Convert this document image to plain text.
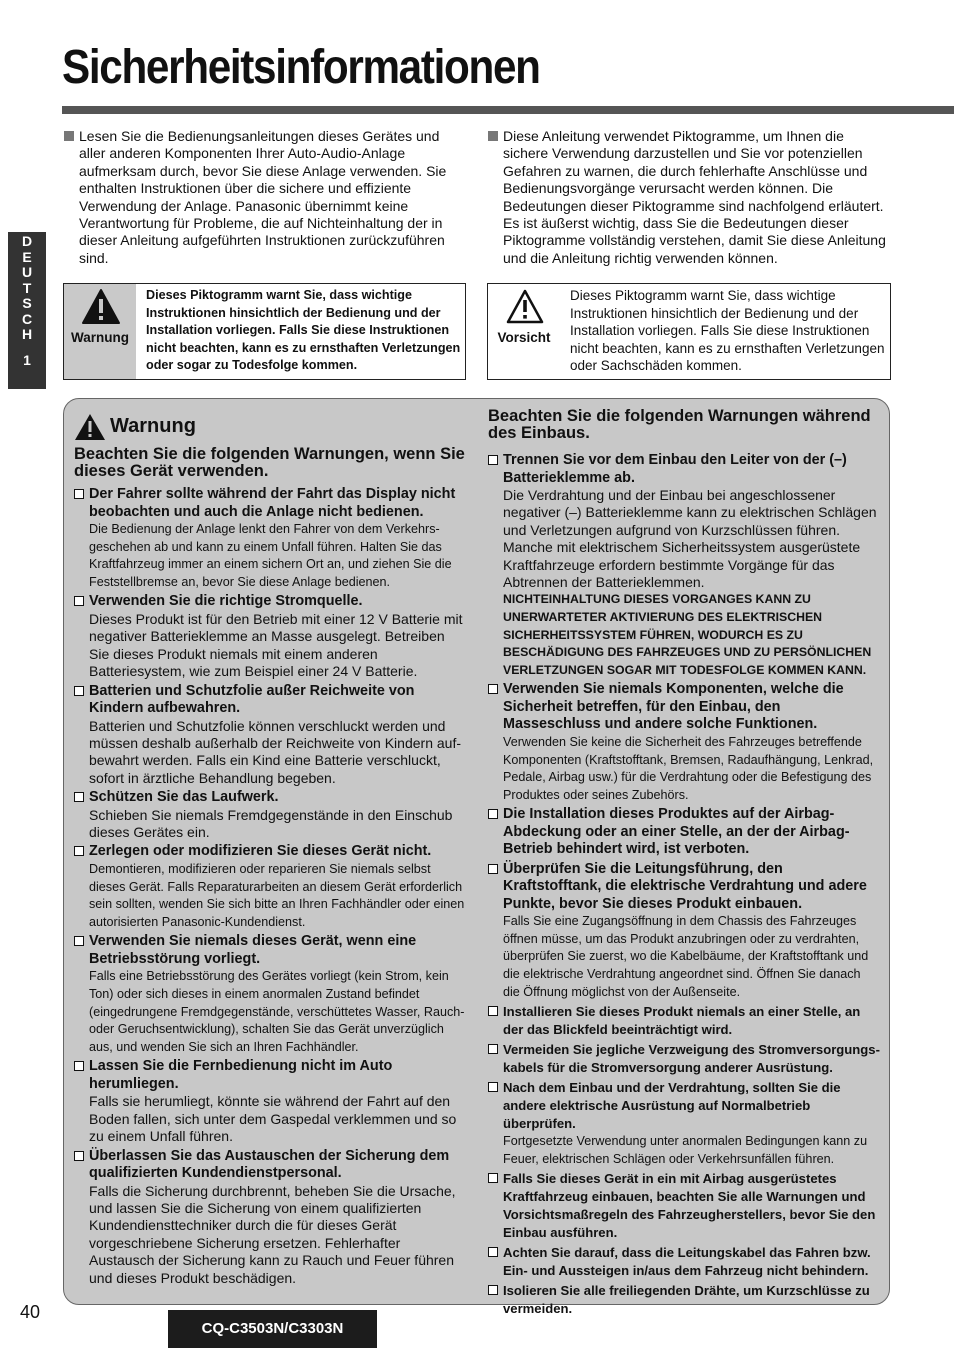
Sicherheitsinformationen
D
E
U
T
S
C
H
1
Lesen Sie die Bedienungsanleitungen dieses Gerätes und aller anderen Komponenten Ihrer Auto-Audio-Anlage aufmerksam durch, bevor Sie diese Anlage verwenden. Sie enthalten Instruktionen über die sichere und effiziente Verwendung der Anlage. Panasonic übernimmt keine Verantwortung für Probleme, die auf Nichteinhaltung der in dieser Anleitung aufgeführten Instruktionen zurückzuführen sind.
Diese Anleitung verwendet Piktogramme, um Ihnen die sichere Verwendung darzustellen und Sie vor potenziellen Gefahren zu warnen, die durch fehlerhafte Anschlüsse und Bedienungsvorgänge verursacht werden können. Die Bedeutungen dieser Piktogramme sind nachfolgend erläutert. Es ist äußerst wichtig, dass Sie die Bedeutungen dieser Piktogramme vollständig verstehen, damit Sie diese Anleitung und die Anleitung richtig verwenden können.
Warnung
Dieses Piktogramm warnt Sie, dass wichtige Instruktionen hinsichtlich der Bedienung und der Installation vorliegen. Falls Sie diese Instruktionen nicht beachten, kann es zu ernsthaften Verletzungen oder sogar zu Todesfolge kommen.
Vorsicht
Dieses Piktogramm warnt Sie, dass wichtige Instruktionen hinsichtlich der Bedienung und der Installation vorliegen. Falls Sie diese Instruktionen nicht beachten, kann es zu ernsthaften Verletzungen oder Sachschäden kommen.
Warnung
Beachten Sie die folgenden Warnungen, wenn Sie dieses Gerät verwenden.
Der Fahrer sollte während der Fahrt das Display nicht beobachten und auch die Anlage nicht bedienen.
Die Bedienung der Anlage lenkt den Fahrer von dem Verkehrs-geschehen ab und kann zu einem Unfall führen. Halten Sie das Kraftfahrzeug immer an einem sichern Ort an, und ziehen Sie die Feststellbremse an, bevor Sie diese Anlage bedienen.
Verwenden Sie die richtige Stromquelle.
Dieses Produkt ist für den Betrieb mit einer 12 V Batterie mit negativer Batterieklemme an Masse ausgelegt. Betreiben Sie dieses Produkt niemals mit einem anderen Batteriesystem, wie zum Beispiel einer 24 V Batterie.
Batterien und Schutzfolie außer Reichweite von Kindern aufbewahren.
Batterien und Schutzfolie können verschluckt werden und müssen deshalb außerhalb der Reichweite von Kindern auf-bewahrt werden. Falls ein Kind eine Batterie verschluckt, sofort in ärztliche Behandlung begeben.
Schützen Sie das Laufwerk.
Schieben Sie niemals Fremdgegenstände in den Einschub dieses Gerätes ein.
Zerlegen oder modifizieren Sie dieses Gerät nicht.
Demontieren, modifizieren oder reparieren Sie niemals selbst dieses Gerät. Falls Reparaturarbeiten an diesem Gerät erforderlich sein sollten, wenden Sie sich bitte an Ihren Fachhändler oder einen autorisierten Panasonic-Kundendienst.
Verwenden Sie niemals dieses Gerät, wenn eine Betriebsstörung vorliegt.
Falls eine Betriebsstörung des Gerätes vorliegt (kein Strom, kein Ton) oder sich dieses in einem anormalen Zustand befindet (eingedrungene Fremdgegenstände, verschüttetes Wasser, Rauch-oder Geruchsentwicklung), schalten Sie das Gerät unverzüglich aus, und wenden Sie sich an Ihren Fachhändler.
Lassen Sie die Fernbedienung nicht im Auto herumliegen.
Falls sie herumliegt, könnte sie während der Fahrt auf den Boden fallen, sich unter dem Gaspedal verklemmen und so zu einem Unfall führen.
Überlassen Sie das Austauschen der Sicherung dem qualifizierten Kundendienstpersonal.
Falls die Sicherung durchbrennt, beheben Sie die Ursache, und lassen Sie die Sicherung von einem qualifizierten Kundendiensttechniker durch die für dieses Gerät vorgeschriebene Sicherung ersetzen. Fehlerhafter Austausch der Sicherung kann zu Rauch und Feuer führen und dieses Produkt beschädigen.
Beachten Sie die folgenden Warnungen während des Einbaus.
Trennen Sie vor dem Einbau den Leiter von der (–) Batterieklemme ab.
Die Verdrahtung und der Einbau bei angeschlossener negativer (–) Batterieklemme kann zu elektrischen Schlägen und Verletzungen aufgrund von Kurzschlüssen führen. Manche mit elektrischem Sicherheitssystem ausgerüstete Kraftfahrzeuge erfordern bestimmte Vorgänge für das Abtrennen der Batterieklemmen.
NICHTEINHALTUNG DIESES VORGANGES KANN ZU UNERWARTETER AKTIVIERUNG DES ELEKTRISCHEN SICHERHEITSSYSTEM FÜHREN, WODURCH ES ZU BESCHÄDIGUNG DES FAHRZEUGES UND ZU PERSÖNLICHEN VERLETZUNGEN SOGAR MIT TODESFOLGE KOMMEN KANN.
Verwenden Sie niemals Komponenten, welche die Sicherheit betreffen, für den Einbau, den Masseschluss und andere solche Funktionen.
Verwenden Sie keine die Sicherheit des Fahrzeuges betreffende Komponenten (Kraftstofftank, Bremsen, Radaufhängung, Lenkrad, Pedale, Airbag usw.) für die Verdrahtung oder die Befestigung des Produktes oder seines Zubehörs.
Die Installation dieses Produktes auf der Airbag-Abdeckung oder an einer Stelle, an der der Airbag-Betrieb behindert wird, ist verboten.
Überprüfen Sie die Leitungsführung, den Kraftstofftank, die elektrische Verdrahtung und adere Punkte, bevor Sie dieses Produkt einbauen.
Falls Sie eine Zugangsöffnung in dem Chassis des Fahrzeuges öffnen müsse, um das Produkt anzubringen oder zu verdrahten, überprüfen Sie zuerst, wo die Kabelbäume, der Kraftstofftank und die elektrische Verdrahtung angeordnet sind. Öffnen Sie danach die Öffnung möglichst von der Außenseite.
Installieren Sie dieses Produkt niemals an einer Stelle, an der das Blickfeld beeinträchtigt wird.
Vermeiden Sie jegliche Verzweigung des Stromversorgungs-kabels für die Stromversorgung anderer Ausrüstung.
Nach dem Einbau und der Verdrahtung, sollten Sie die andere elektrische Ausrüstung auf Normalbetrieb überprüfen.
Fortgesetzte Verwendung unter anormalen Bedingungen kann zu Feuer, elektrischen Schlägen oder Verkehrsunfällen führen.
Falls Sie dieses Gerät in ein mit Airbag ausgerüstetes Kraftfahrzeug einbauen, beachten Sie alle Warnungen und Vorsichtsmaßregeln des Fahrzeugherstellers, bevor Sie den Einbau ausführen.
Achten Sie darauf, dass die Leitungskabel das Fahren bzw. Ein- und Aussteigen in/aus dem Fahrzeug nicht behindern.
Isolieren Sie alle freiliegenden Drähte, um Kurzschlüsse zu vermeiden.
40
CQ-C3503N/C3303N
